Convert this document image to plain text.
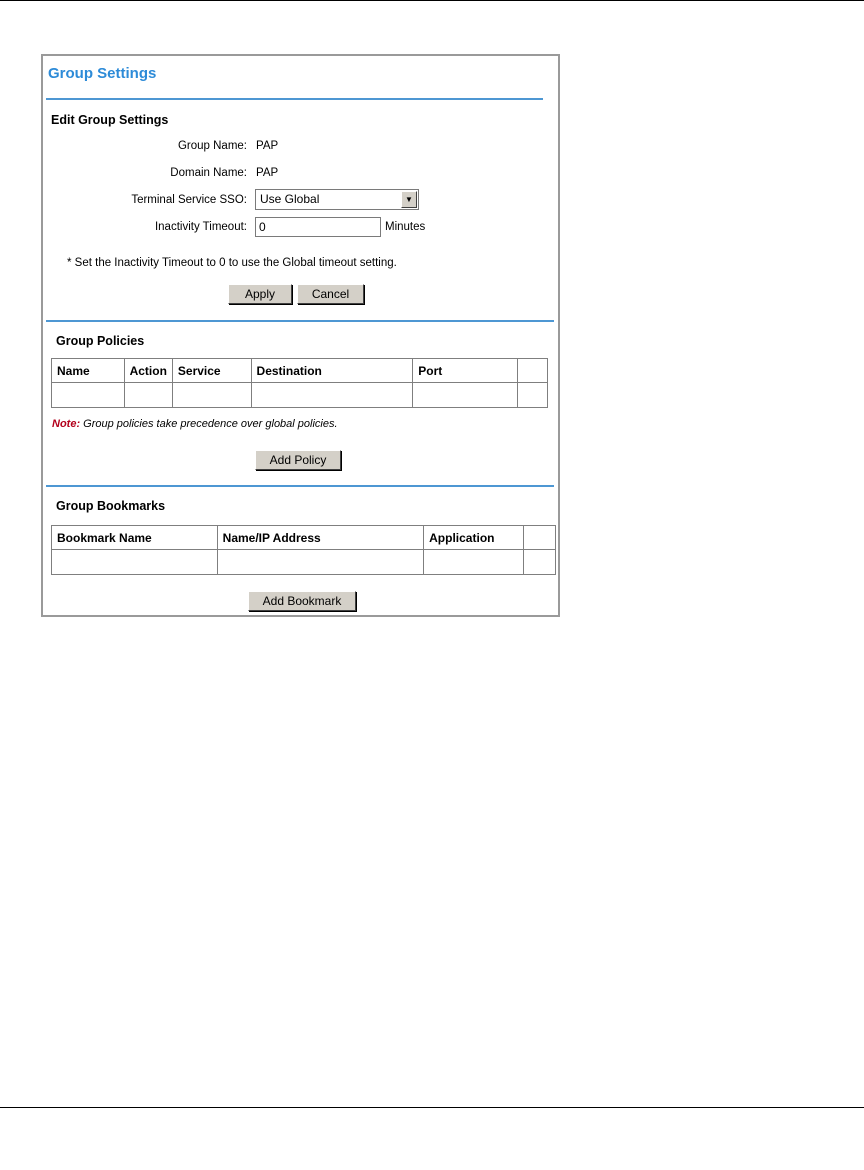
Group Settings
Edit Group Settings
Group Name: PAP
Domain Name: PAP
Terminal Service SSO:	Use Global	▼
Inactivity Timeout:	0	Minutes
* Set the Inactivity Timeout to 0 to use the Global timeout setting.
Apply	Cancel
Group Policies
Name	Action	Service	Destination	Port	

Note: Group policies take precedence over global policies.
Add Policy
Group Bookmarks
Bookmark Name	Name/IP Address	Application	

Add Bookmark
